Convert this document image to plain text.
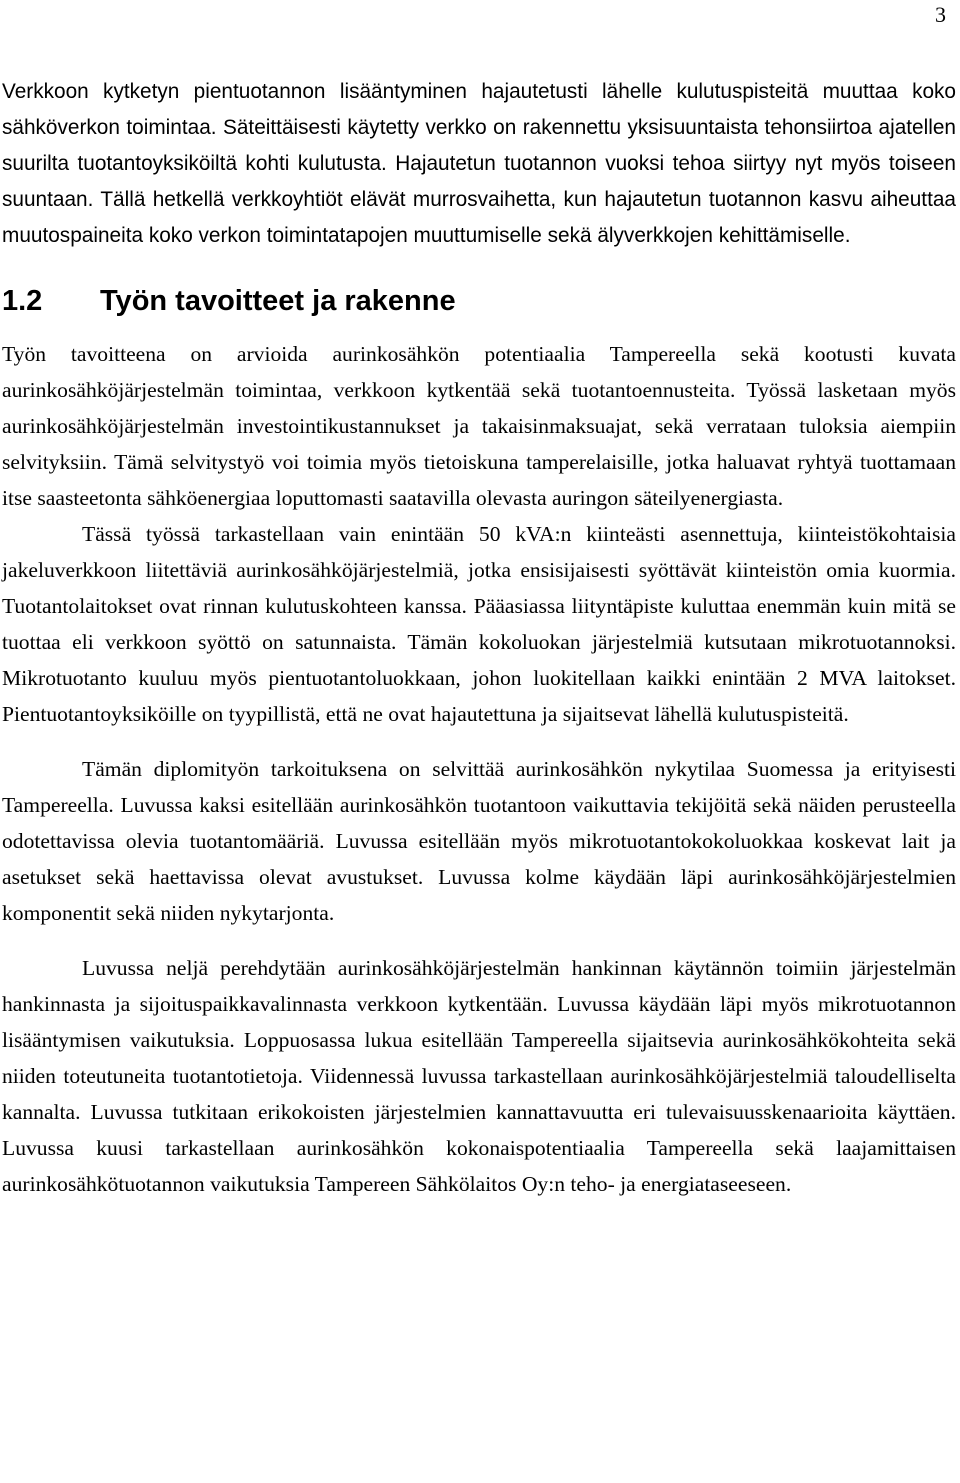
3

Verkkoon kytketyn pientuotannon lisääntyminen hajautetusti lähelle kulutuspisteitä muuttaa koko sähköverkon toimintaa. Säteittäisesti käytetty verkko on rakennettu yksisuuntaista tehonsiirtoa ajatellen suurilta tuotantoyksiköiltä kohti kulutusta. Hajautetun tuotannon vuoksi tehoa siirtyy nyt myös toiseen suuntaan. Tällä hetkellä verkkoyhtiöt elävät murrosvaihetta, kun hajautetun tuotannon kasvu aiheuttaa muutospaineita koko verkon toimintatapojen muuttumiselle sekä älyverkkojen kehittämiselle.

1.2	Työn tavoitteet ja rakenne

Työn tavoitteena on arvioida aurinkosähkön potentiaalia Tampereella sekä kootusti kuvata aurinkosähköjärjestelmän toimintaa, verkkoon kytkentää sekä tuotantoennusteita. Työssä lasketaan myös aurinkosähköjärjestelmän investointikustannukset ja takaisinmaksuajat, sekä verrataan tuloksia aiempiin selvityksiin. Tämä selvitystyö voi toimia myös tietoiskuna tamperelaisille, jotka haluavat ryhtyä tuottamaan itse saasteetonta sähköenergiaa loputtomasti saatavilla olevasta auringon säteilyenergiasta.

Tässä työssä tarkastellaan vain enintään 50 kVA:n kiinteästi asennettuja, kiinteistökohtaisia jakeluverkkoon liitettäviä aurinkosähköjärjestelmiä, jotka ensisijaisesti syöttävät kiinteistön omia kuormia. Tuotantolaitokset ovat rinnan kulutuskohteen kanssa. Pääasiassa liityntäpiste kuluttaa enemmän kuin mitä se tuottaa eli verkkoon syöttö on satunnaista. Tämän kokoluokan järjestelmiä kutsutaan mikrotuotannoksi. Mikrotuotanto kuuluu myös pientuotantoluokkaan, johon luokitellaan kaikki enintään 2 MVA laitokset. Pientuotantoyksiköille on tyypillistä, että ne ovat hajautettuna ja sijaitsevat lähellä kulutuspisteitä.

Tämän diplomityön tarkoituksena on selvittää aurinkosähkön nykytilaa Suomessa ja erityisesti Tampereella. Luvussa kaksi esitellään aurinkosähkön tuotantoon vaikuttavia tekijöitä sekä näiden perusteella odotettavissa olevia tuotantomääriä. Luvussa esitellään myös mikrotuotantokokoluokkaa koskevat lait ja asetukset sekä haettavissa olevat avustukset. Luvussa kolme käydään läpi aurinkosähköjärjestelmien komponentit sekä niiden nykytarjonta.

Luvussa neljä perehdytään aurinkosähköjärjestelmän hankinnan käytännön toimiin järjestelmän hankinnasta ja sijoituspaikkavalinnasta verkkoon kytkentään. Luvussa käydään läpi myös mikrotuotannon lisääntymisen vaikutuksia. Loppuosassa lukua esitellään Tampereella sijaitsevia aurinkosähkökohteita sekä niiden toteutuneita tuotantotietoja. Viidennessä luvussa tarkastellaan aurinkosähköjärjestelmiä taloudelliselta kannalta. Luvussa tutkitaan erikokoisten järjestelmien kannattavuutta eri tulevaisuusskenaarioita käyttäen. Luvussa kuusi tarkastellaan aurinkosähkön kokonaispotentiaalia Tampereella sekä laajamittaisen aurinkosähkötuotannon vaikutuksia Tampereen Sähkölaitos Oy:n teho- ja energiataseeseen.
